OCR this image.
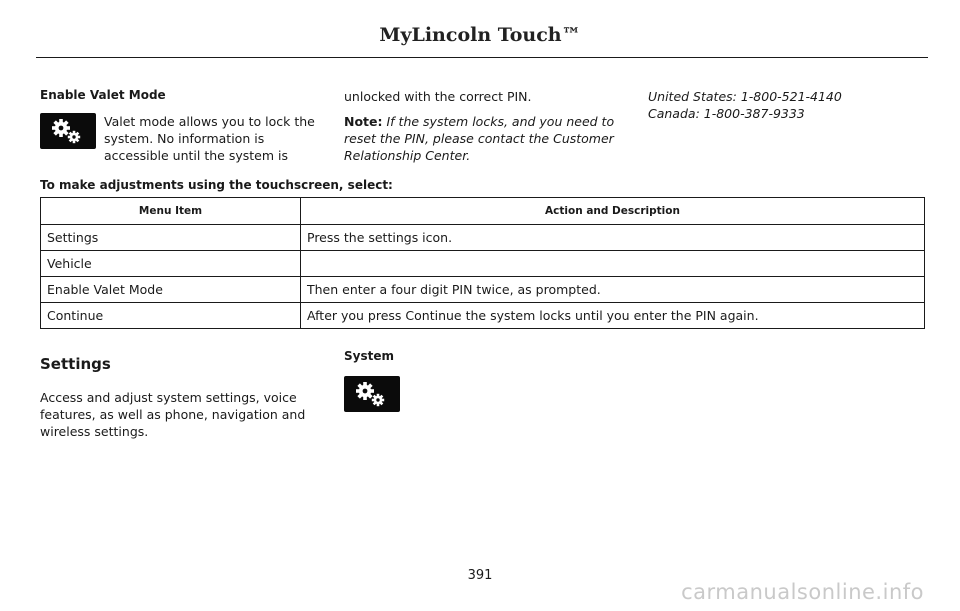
MyLincoln Touch™
Enable Valet Mode

Valet mode allows you to lock the

system. No information is

accessible until the system is

unlocked with the correct PIN.

Note: If the system locks, and you need to

reset the PIN, please contact the Customer

Relationship Center.

United States: 1-800-521-4140

Canada: 1-800-387-9333

To make adjustments using the touchscreen, select:
Menu Item	Action and Description
Settings	Press the settings icon.
Vehicle
Enable Valet Mode	Then enter a four digit PIN twice, as prompted.
Continue	After you press Continue the system locks until you enter the PIN again.
Settings

Access and adjust system settings, voice

features, as well as phone, navigation and

wireless settings.

System
391
carmanualsonline.info
